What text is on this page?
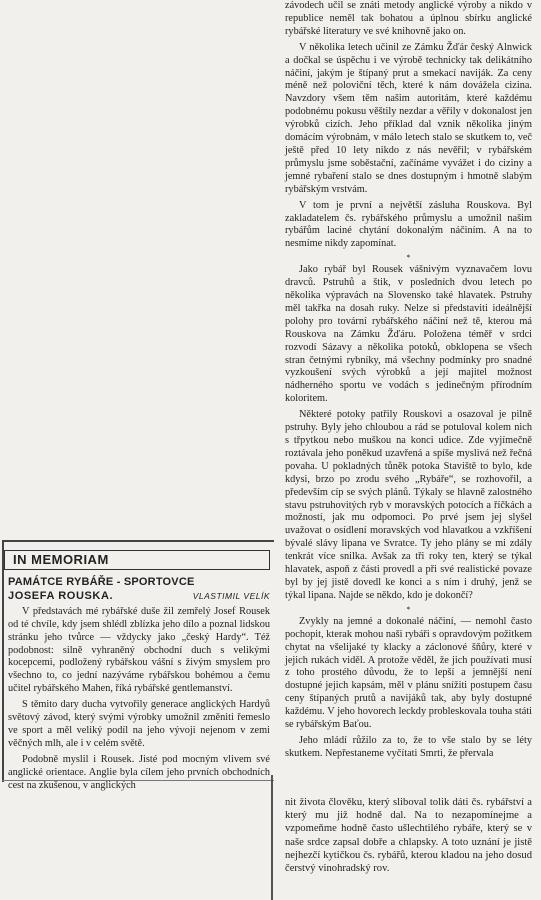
závodech učil se znáti metody anglické výroby a nikdo v republice neměl tak bohatou a úplnou sbírku anglické rybářské literatury ve své knihovně jako on.

V několika letech učinil ze Zámku Žďár český Alnwick a dočkal se úspěchu i ve výrobě technicky tak delikátního náčiní, jakým je štípaný prut a smekací naviják. Za ceny méně než poloviční těch, které k nám dovážela cizina. Navzdory všem těm našim autoritám, které každému podobnému pokusu věštily nezdar a věřily v dokonalost jen výrobků cizích. Jeho příklad dal vznik několika jiným domácím výrobnám, v málo letech stalo se skutkem to, več ještě před 10 lety nikdo z nás nevěřil; v rybářském průmyslu jsme soběstační, začínáme vyvážet i do ciziny a jemné rybaření stalo se dnes dostupným i hmotně slabým rybářským vrstvám.

V tom je první a největší zásluha Rouskova. Byl zakladatelem čs. rybářského průmyslu a umožnil našim rybářům laciné chytání dokonalým náčiním. A na to nesmíme nikdy zapomínat.

*

Jako rybář byl Rousek vášnivým vyznavačem lovu dravců. Pstruhů a štik, v posledních dvou letech po několika výpravách na Slovensko také hlavatek. Pstruhy měl takřka na dosah ruky. Nelze si představiti ideálnější polohy pro tovární rybářského náčiní než tě, kterou má Rouskova na Zámku Žďáru. Položena téměř v srdci rozvodí Sázavy a několika potoků, obklopena se všech stran četnými rybníky, má všechny podmínky pro snadné vyzkoušení svých výrobků a její majitel možnost nádherného sportu ve vodách s jedinečným přírodním koloritem.

Některé potoky patřily Rouskovi a osazoval je pilně pstruhy. Byly jeho chloubou a rád se potuloval kolem nich s třpytkou nebo muškou na konci udice. Zde vyjímečně roztávala jeho poněkud uzavřená a spíše myslivá než řečná povaha. U pokladných tůněk potoka Staviště to bylo, kde kdysi, brzo po zrodu svého „Rybáře“, se rozhovořil, a především cíp se svých plánů. Týkaly se hlavně zalostného stavu pstruhovitých ryb v moravských potocích a říčkách a možností, jak mu odpomoci. Po prvé jsem jej slyšel uvažovat o osídlení moravských vod hlavatkou a vzkříšení bývalé slávy lipana ve Svratce. Ty jeho plány se mi zdály tenkrát více snilka. Avšak za tři roky ten, který se týkal hlavatek, aspoň z části provedl a při své realistické povaze byl by jej jistě dovedl ke konci a s ním i druhý, jenž se týkal lipana. Najde se někdo, kdo je dokončí?

*

Zvykly na jemné a dokonalé náčiní, — nemohl často pochopit, kterak mohou naši rybáři s opravdovým požitkem chytat na všelijaké ty klacky a záclonové šňůry, které v jejich rukách viděl. A protože věděl, že jich používati musí z toho prostého důvodu, že to lepší a jemnější není dostupné jejich kapsám, měl v plánu snížiti postupem času ceny štípaných prutů a navijáků tak, aby byly dostupné každému. V jeho hovorech leckdy probleskovala touha státi se rybářským Baťou.

Jeho mládí růžilo za to, že to vše stalo by se léty skutkem. Nepřestaneme vyčítati Smrti, že přervala

IN MEMORIAM
PAMÁTCE RYBÁŘE - SPORTOVCE
JOSEFA ROUSKA.	VLASTIMIL VELÍK

V představách mé rybářské duše žil zemřelý Josef Rousek od té chvíle, kdy jsem shlédl zblízka jeho dílo a poznal lidskou stránku jeho tvůrce — vždycky jako „český Hardy“. Též podobnost: silně vyhraněný obchodní duch s velikými kocepcemi, podložený rybářskou vášní s živým smyslem pro všechno to, co jední nazýváme rybářskou bohémou a čemu učitel rybářského Mahen, říká rybářské gentlemanství.

S těmito dary ducha vytvořily generace anglických Hardyů světový závod, který svými výrobky umožnil změniti řemeslo ve sport a měl veliký podíl na jeho vývoji nejenom v zemi věčných mlh, ale i v celém světě.

Podobně myslil i Rousek. Jisté pod mocným vlivem své anglické orientace. Anglie byla cílem jeho prvních obchodních cest na zkušenou, v anglických

nit života člověku, který sliboval tolik dáti čs. rybářství a který mu již hodně dal. Na to nezapomínejme a vzpomeňme hodně často ušlechtilého rybáře, který se v naše srdce zapsal dobře a chlapsky. A toto uznání je jistě nejhezčí kytičkou čs. rybářů, kterou kladou na jeho dosud čerstvý vinohradský rov.
